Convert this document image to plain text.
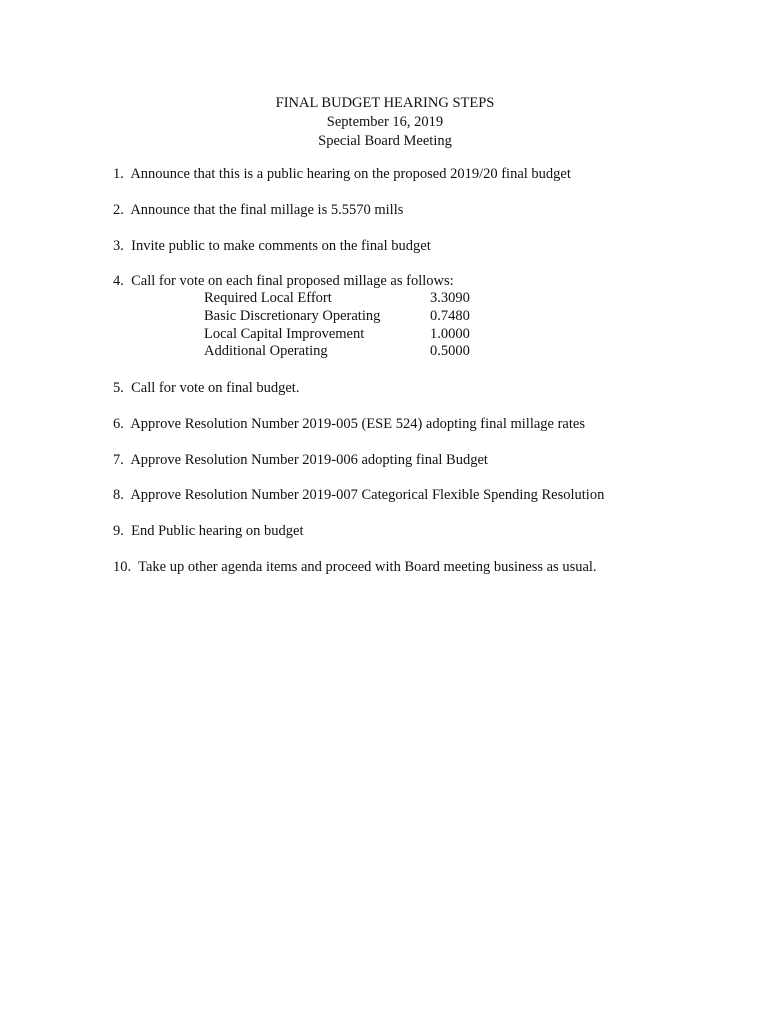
FINAL BUDGET HEARING STEPS
September 16, 2019
Special Board Meeting
1. Announce that this is a public hearing on the proposed 2019/20 final budget
2. Announce that the final millage is 5.5570 mills
3. Invite public to make comments on the final budget
4. Call for vote on each final proposed millage as follows:
Required Local Effort	3.3090
Basic Discretionary Operating	0.7480
Local Capital Improvement	1.0000
Additional Operating	0.5000
5. Call for vote on final budget.
6. Approve Resolution Number 2019-005 (ESE 524) adopting final millage rates
7. Approve Resolution Number 2019-006 adopting final Budget
8. Approve Resolution Number 2019-007 Categorical Flexible Spending Resolution
9. End Public hearing on budget
10. Take up other agenda items and proceed with Board meeting business as usual.
